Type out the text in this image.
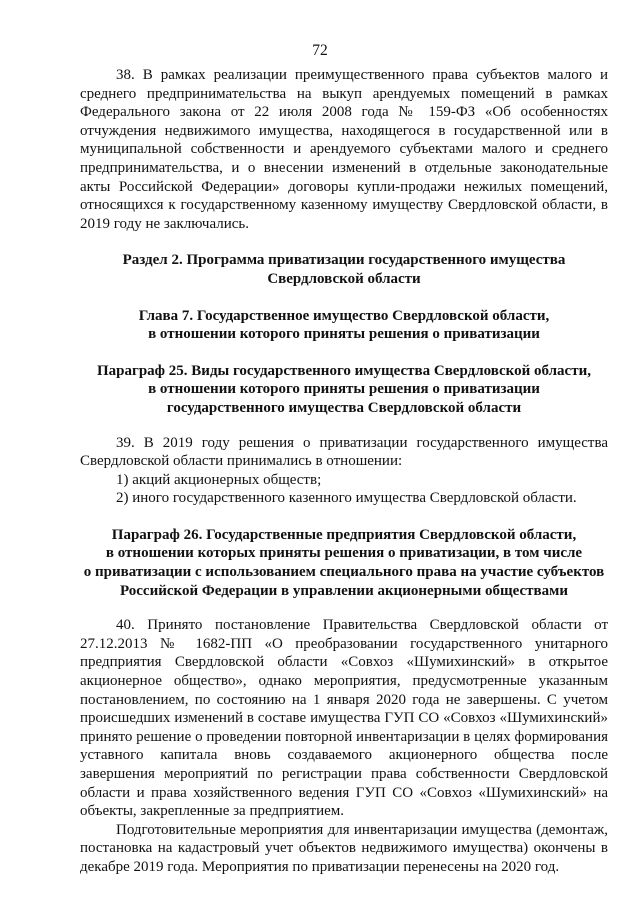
72

38. В рамках реализации преимущественного права субъектов малого и среднего предпринимательства на выкуп арендуемых помещений в рамках Федерального закона от 22 июля 2008 года № 159-ФЗ «Об особенностях отчуждения недвижимого имущества, находящегося в государственной или в муниципальной собственности и арендуемого субъектами малого и среднего предпринимательства, и о внесении изменений в отдельные законодательные акты Российской Федерации» договоры купли-продажи нежилых помещений, относящихся к государственному казенному имуществу Свердловской области, в 2019 году не заключались.

Раздел 2. Программа приватизации государственного имущества
Свердловской области
Глава 7. Государственное имущество Свердловской области,
в отношении которого приняты решения о приватизации
Параграф 25. Виды государственного имущества Свердловской области,
в отношении которого приняты решения о приватизации
государственного имущества Свердловской области

39. В 2019 году решения о приватизации государственного имущества Свердловской области принимались в отношении:

1) акций акционерных обществ;

2) иного государственного казенного имущества Свердловской области.

Параграф 26. Государственные предприятия Свердловской области,
в отношении которых приняты решения о приватизации, в том числе
о приватизации с использованием специального права на участие субъектов
Российской Федерации в управлении акционерными обществами

40. Принято постановление Правительства Свердловской области от 27.12.2013 № 1682-ПП «О преобразовании государственного унитарного предприятия Свердловской области «Совхоз «Шумихинский» в открытое акционерное общество», однако мероприятия, предусмотренные указанным постановлением, по состоянию на 1 января 2020 года не завершены. С учетом происшедших изменений в составе имущества ГУП СО «Совхоз «Шумихинский» принято решение о проведении повторной инвентаризации в целях формирования уставного капитала вновь создаваемого акционерного общества после завершения мероприятий по регистрации права собственности Свердловской области и права хозяйственного ведения ГУП СО «Совхоз «Шумихинский» на объекты, закрепленные за предприятием.

Подготовительные мероприятия для инвентаризации имущества (демонтаж, постановка на кадастровый учет объектов недвижимого имущества) окончены в декабре 2019 года. Мероприятия по приватизации перенесены на 2020 год.
